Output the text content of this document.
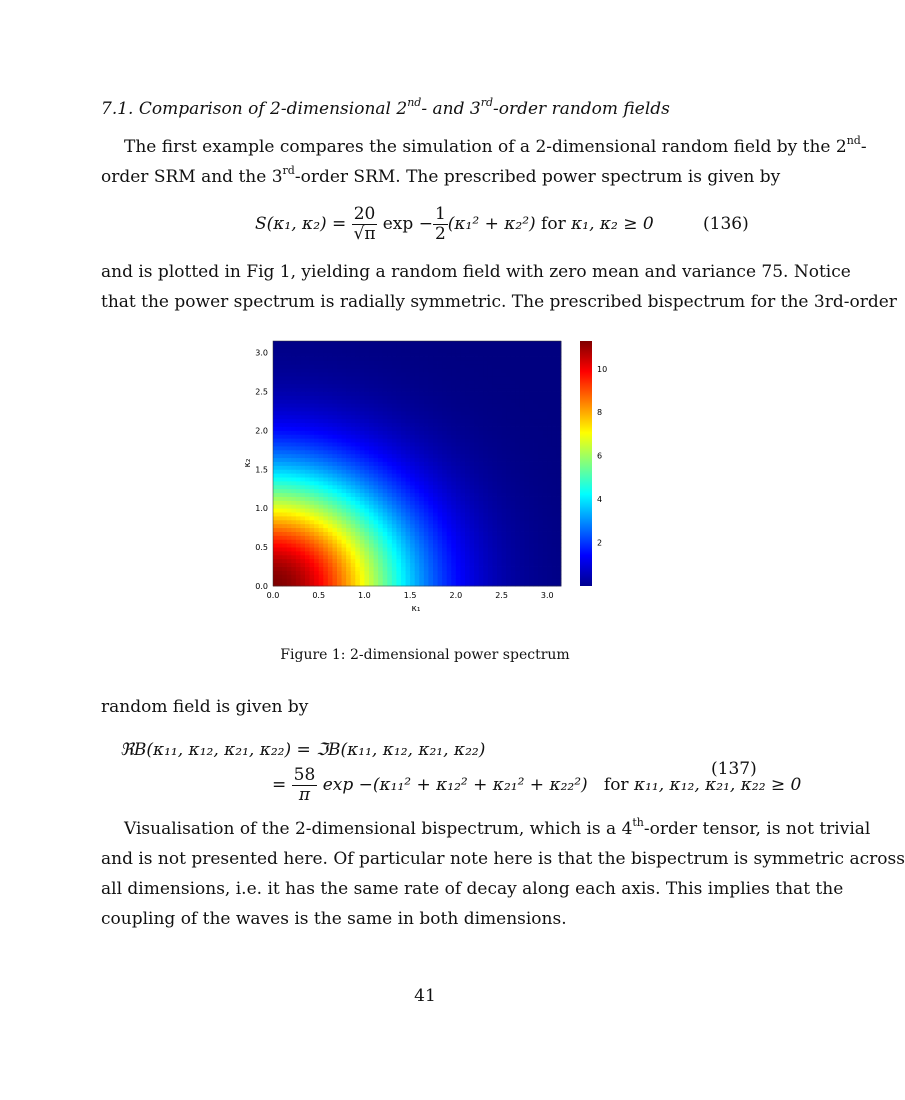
7.1. Comparison of 2-dimensional 2nd- and 3rd-order random fields
The first example compares the simulation of a 2-dimensional random field by the 2nd-
order SRM and the 3rd-order SRM. The prescribed power spectrum is given by
S(κ₁, $\kappa_2) = \frac{20}{√\pi}$ $\exp - \frac{1}{2} (\kappa_1^2 + \kappa_2^2)$ for κ₁, κ₂ ≥ 0	(136)
and is plotted in Fig 1, yielding a random field with zero mean and variance 75. Notice
that the power spectrum is radially symmetric. The prescribed bispectrum for the 3rd-order
0.0	0.5	1.0	1.5	2.0	2.5	3.0
0.0
0.5
1.0
1.5
2.0
2.5
3.0
κ₁
κ₂
2
4
6
8
10
Figure 1: 2-dimensional power spectrum
random field is given by
ℜB(κ₁₁, κ₁₂, κ₂₁, κ₂₂) = ℑB(κ₁₁, κ₁₂, κ₂₁, κ₂₂)
= $\frac{58}{\pi}$ exp −(κ₁₁² + κ₁₂² + κ₂₁² + κ₂₂²) for κ₁₁, κ₁₂, κ₂₁, κ₂₂ ≥ 0
(137)
Visualisation of the 2-dimensional bispectrum, which is a 4th-order tensor, is not trivial
and is not presented here. Of particular note here is that the bispectrum is symmetric across
all dimensions, i.e. it has the same rate of decay along each axis. This implies that the
coupling of the waves is the same in both dimensions.
41
